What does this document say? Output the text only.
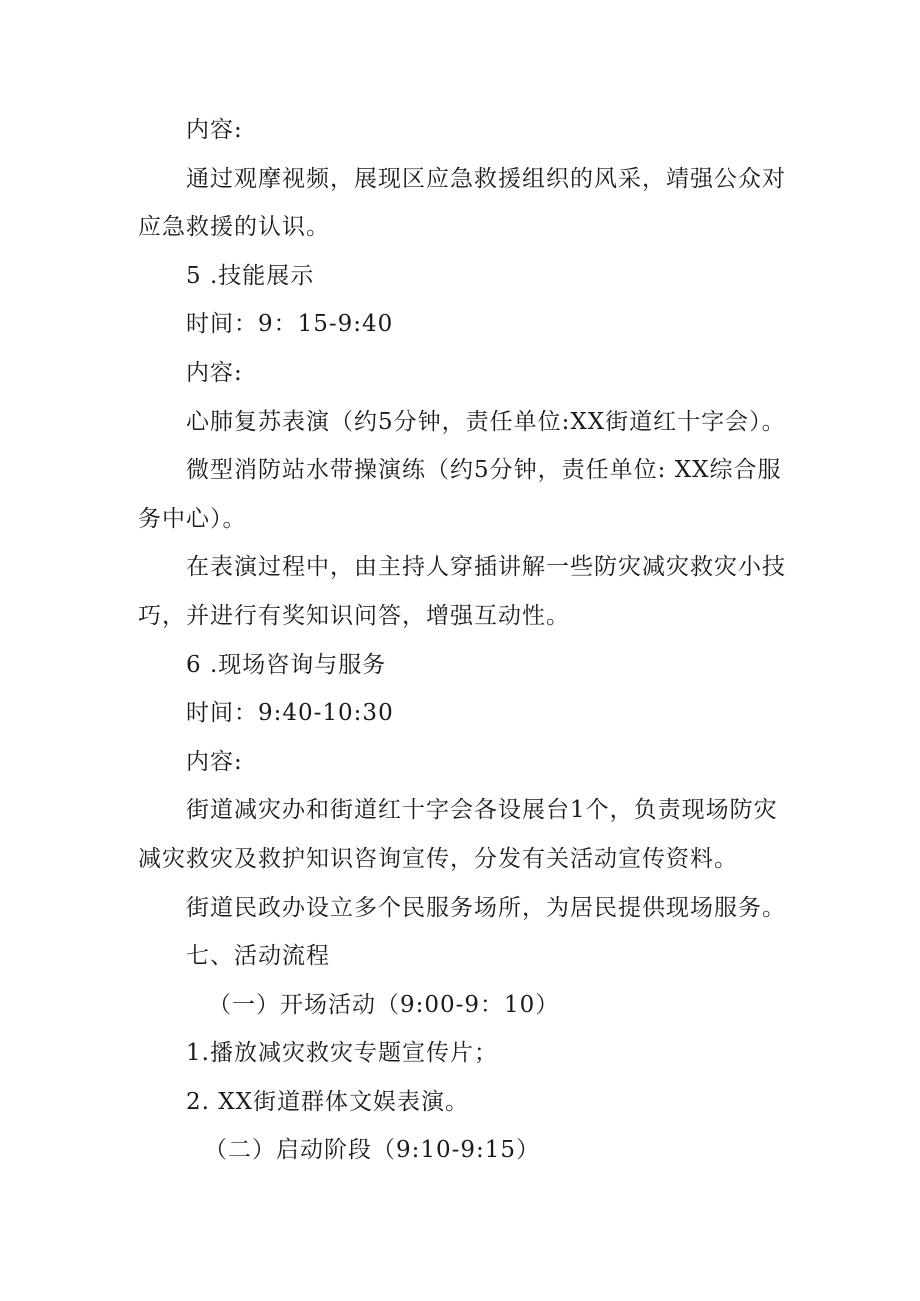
内容:

通过观摩视频，展现区应急救援组织的风采，靖强公众对应急救援的认识。

5 .技能展示

时间：9：15-9:40

内容:

心肺复苏表演（约5分钟，责任单位:XX街道红十字会）。

微型消防站水带操演练（约5分钟，责任单位: XX综合服务中心）。

在表演过程中，由主持人穿插讲解一些防灾减灾救灾小技巧，并进行有奖知识问答，增强互动性。

6 .现场咨询与服务

时间：9:40-10:30

内容:

街道减灾办和街道红十字会各设展台1个，负责现场防灾减灾救灾及救护知识咨询宣传，分发有关活动宣传资料。

街道民政办设立多个民服务场所，为居民提供现场服务。

七、活动流程

（一）开场活动（9:00-9：10）

1.播放减灾救灾专题宣传片；

2. XX街道群体文娱表演。

（二）启动阶段（9:10-9:15）
